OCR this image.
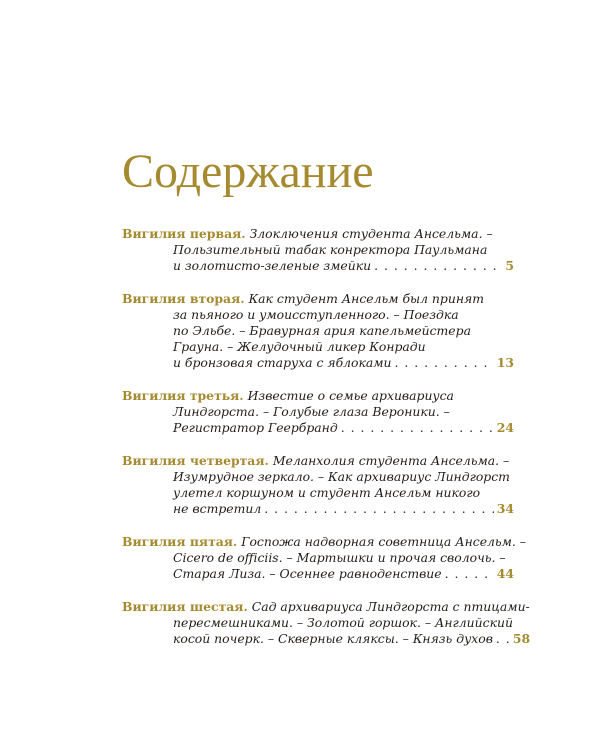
Содержание
Вигилия первая. Злоключения студента Ансельма. –
Пользительный табак конректора Паульмана
и золотисто-зеленые змейки . . .	5
Вигилия вторая. Как студент Ансельм был принят
за пьяного и умоисступленного. – Поездка
по Эльбе. – Бравурная ария капельмейстера
Грауна. – Желудочный ликер Конради
и бронзовая старуха с яблоками . . .	13
Вигилия третья. Известие о семье архивариуса
Линдгорста. – Голубые глаза Вероники. –
Регистратор Геербранд . . .	24
Вигилия четвертая. Меланхолия студента Ансельма. –
Изумрудное зеркало. – Как архивариус Линдгорст
улетел коршуном и студент Ансельм никого
не встретил . . .	34
Вигилия пятая. Госпожа надворная советница Ансельм. –
Cicero de officiis. – Мартышки и прочая сволочь. –
Старая Лиза. – Осеннее равноденствие . . .	44
Вигилия шестая. Сад архивариуса Линдгорста с птицами-
пересмешниками. – Золотой горшок. – Английский
косой почерк. – Скверные кляксы. – Князь духов . . . 58
